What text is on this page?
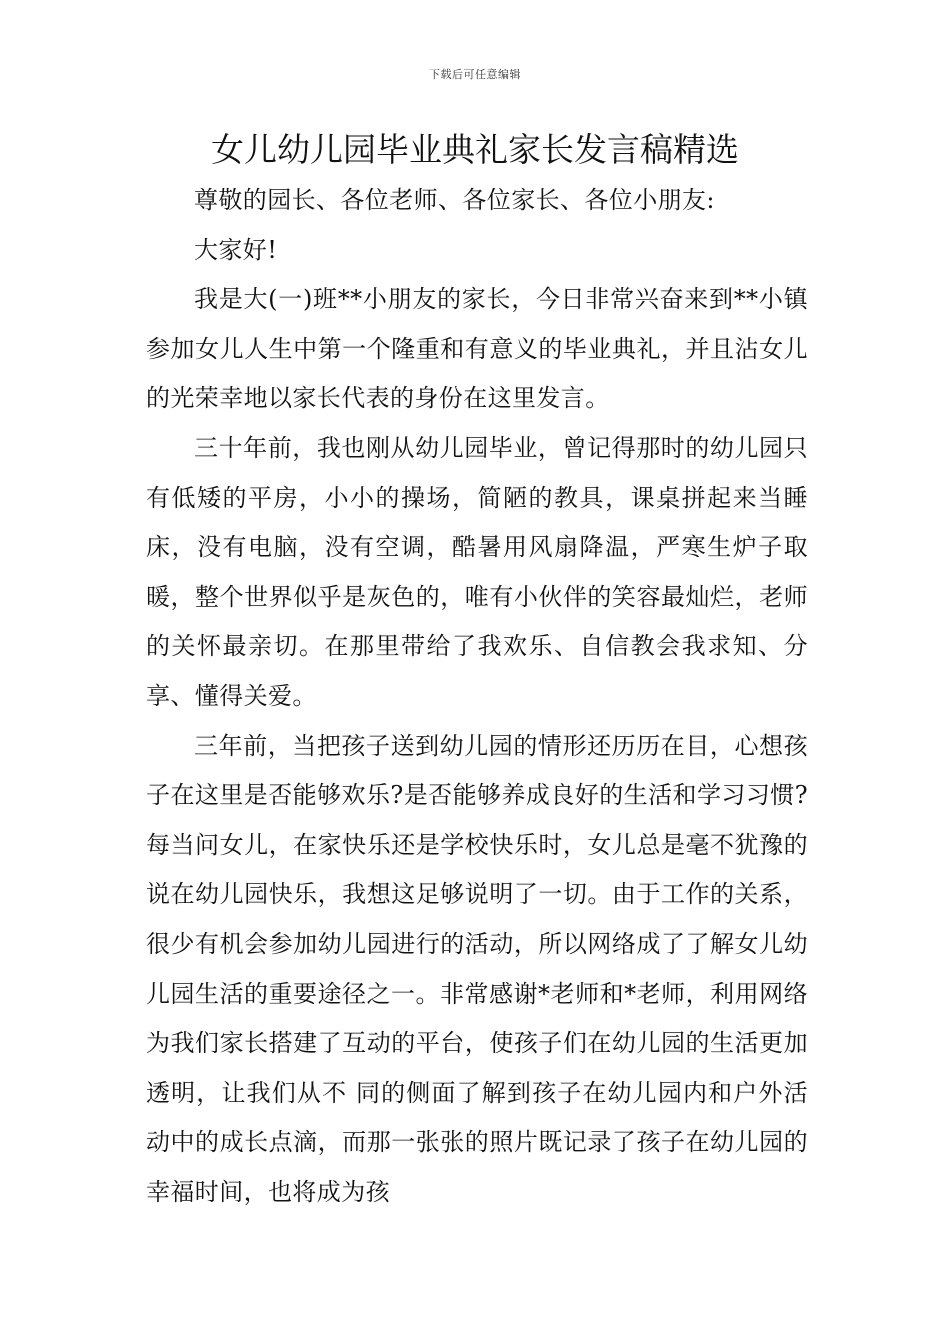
下载后可任意编辑
女儿幼儿园毕业典礼家长发言稿精选

尊敬的园长、各位老师、各位家长、各位小朋友:

大家好!

我是大(一)班**小朋友的家长，今日非常兴奋来到**小镇参加女儿人生中第一个隆重和有意义的毕业典礼，并且沾女儿的光荣幸地以家长代表的身份在这里发言。

三十年前，我也刚从幼儿园毕业，曾记得那时的幼儿园只有低矮的平房，小小的操场，简陋的教具，课桌拼起来当睡床，没有电脑，没有空调，酷暑用风扇降温，严寒生炉子取暖，整个世界似乎是灰色的，唯有小伙伴的笑容最灿烂，老师的关怀最亲切。在那里带给了我欢乐、自信教会我求知、分享、懂得关爱。

三年前，当把孩子送到幼儿园的情形还历历在目，心想孩子在这里是否能够欢乐?是否能够养成良好的生活和学习习惯?每当问女儿，在家快乐还是学校快乐时，女儿总是毫不犹豫的说在幼儿园快乐，我想这足够说明了一切。由于工作的关系，很少有机会参加幼儿园进行的活动，所以网络成了了解女儿幼儿园生活的重要途径之一。非常感谢*老师和*老师，利用网络为我们家长搭建了互动的平台，使孩子们在幼儿园的生活更加透明，让我们从不 同的侧面了解到孩子在幼儿园内和户外活动中的成长点滴，而那一张张的照片既记录了孩子在幼儿园的幸福时间，也将成为孩
